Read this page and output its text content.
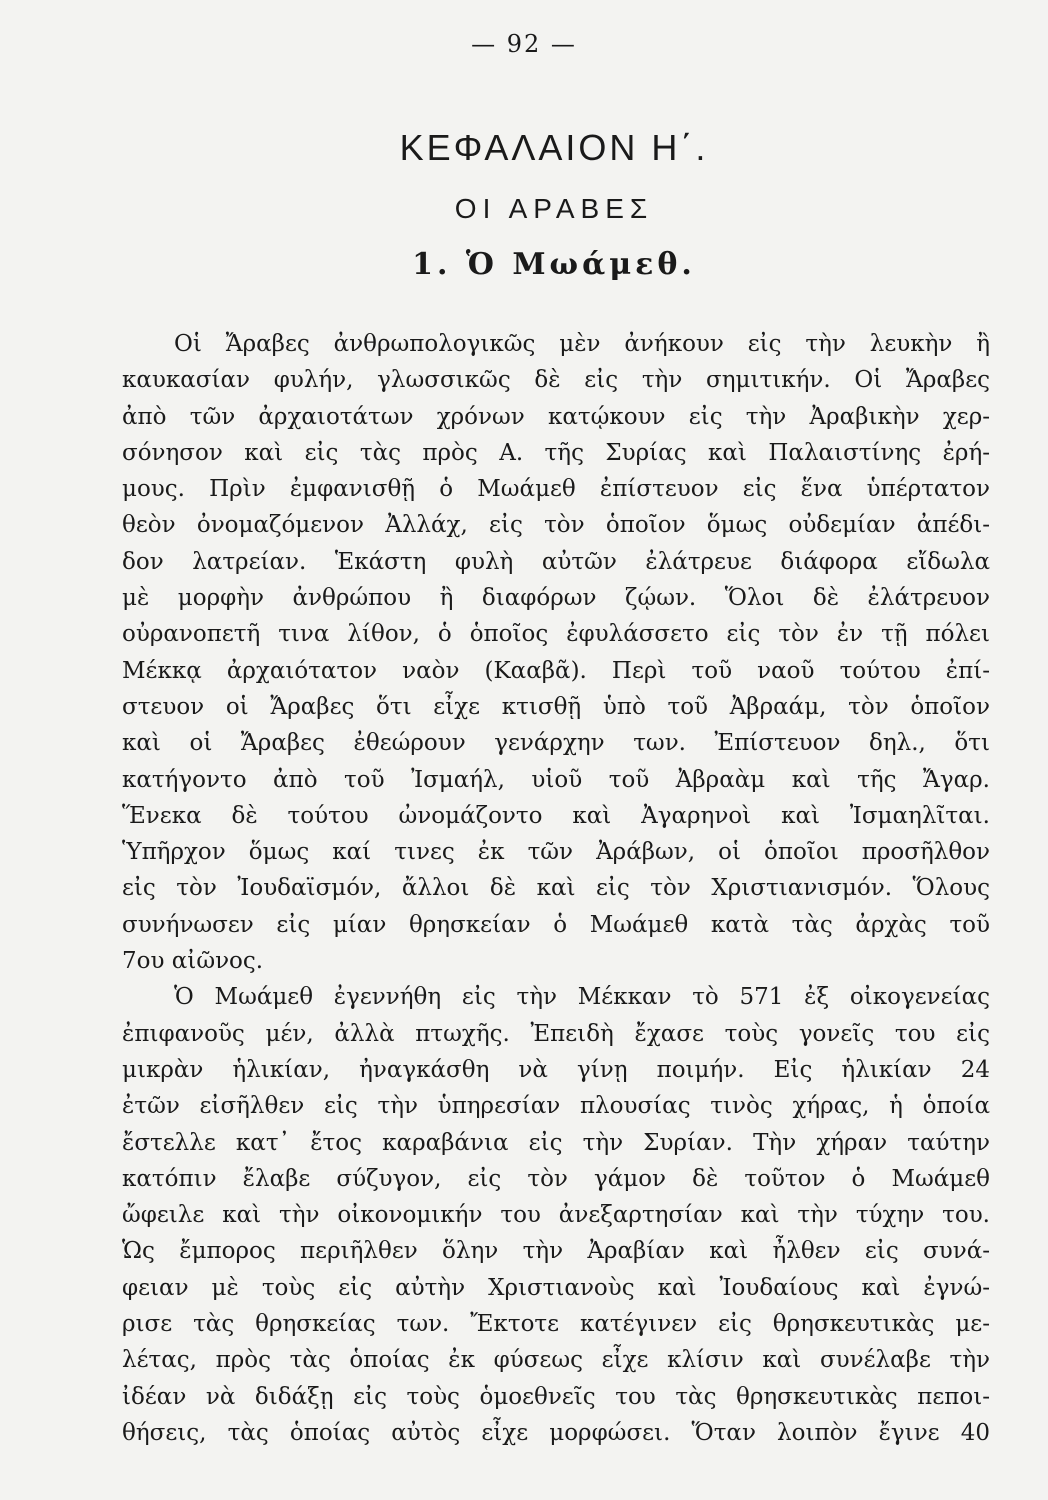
— 92 —
ΚΕΦΑΛΑΙΟΝ Η΄.
ΟΙ ΑΡΑΒΕΣ
1. Ὁ Μωάμεθ.
Οἱ Ἄραβες ἀνθρωπολογικῶς μὲν ἀνήκουν εἰς τὴν λευκὴν ἢ
καυκασίαν φυλήν, γλωσσικῶς δὲ εἰς τὴν σημιτικήν. Οἱ Ἄραβες
ἀπὸ τῶν ἀρχαιοτάτων χρόνων κατῴκουν εἰς τὴν Ἀραβικὴν χερ-
σόνησον καὶ εἰς τὰς πρὸς Α. τῆς Συρίας καὶ Παλαιστίνης ἐρή-
μους. Πρὶν ἐμφανισθῇ ὁ Μωάμεθ ἐπίστευον εἰς ἕνα ὑπέρτατον
θεὸν ὀνομαζόμενον Ἀλλάχ, εἰς τὸν ὁποῖον ὅμως οὐδεμίαν ἀπέδι-
δον λατρείαν. Ἑκάστη φυλὴ αὐτῶν ἐλάτρευε διάφορα εἴδωλα
μὲ μορφὴν ἀνθρώπου ἢ διαφόρων ζῴων. Ὅλοι δὲ ἐλάτρευον
οὐρανοπετῆ τινα λίθον, ὁ ὁποῖος ἐφυλάσσετο εἰς τὸν ἐν τῇ πόλει
Μέκκᾳ ἀρχαιότατον ναὸν (Κααβᾶ). Περὶ τοῦ ναοῦ τούτου ἐπί-
στευον οἱ Ἄραβες ὅτι εἶχε κτισθῇ ὑπὸ τοῦ Ἀβραάμ, τὸν ὁποῖον
καὶ οἱ Ἄραβες ἐθεώρουν γενάρχην των. Ἐπίστευον δηλ., ὅτι
κατήγοντο ἀπὸ τοῦ Ἰσμαήλ, υἱοῦ τοῦ Ἀβραὰμ καὶ τῆς Ἄγαρ.
Ἕνεκα δὲ τούτου ὠνομάζοντο καὶ Ἀγαρηνοὶ καὶ Ἰσμαηλῖται.
Ὑπῆρχον ὅμως καί τινες ἐκ τῶν Ἀράβων, οἱ ὁποῖοι προσῆλθον
εἰς τὸν Ἰουδαϊσμόν, ἄλλοι δὲ καὶ εἰς τὸν Χριστιανισμόν. Ὅλους
συνήνωσεν εἰς μίαν θρησκείαν ὁ Μωάμεθ κατὰ τὰς ἀρχὰς τοῦ
7ου αἰῶνος.
Ὁ Μωάμεθ ἐγεννήθη εἰς τὴν Μέκκαν τὸ 571 ἐξ οἰκογενείας
ἐπιφανοῦς μέν, ἀλλὰ πτωχῆς. Ἐπειδὴ ἔχασε τοὺς γονεῖς του εἰς
μικρὰν ἡλικίαν, ἠναγκάσθη νὰ γίνῃ ποιμήν. Εἰς ἡλικίαν 24
ἐτῶν εἰσῆλθεν εἰς τὴν ὑπηρεσίαν πλουσίας τινὸς χήρας, ἡ ὁποία
ἔστελλε κατ᾽ ἔτος καραβάνια εἰς τὴν Συρίαν. Τὴν χήραν ταύτην
κατόπιν ἔλαβε σύζυγον, εἰς τὸν γάμον δὲ τοῦτον ὁ Μωάμεθ
ὤφειλε καὶ τὴν οἰκονομικήν του ἀνεξαρτησίαν καὶ τὴν τύχην του.
Ὡς ἔμπορος περιῆλθεν ὅλην τὴν Ἀραβίαν καὶ ἦλθεν εἰς συνά-
φειαν μὲ τοὺς εἰς αὐτὴν Χριστιανοὺς καὶ Ἰουδαίους καὶ ἐγνώ-
ρισε τὰς θρησκείας των. Ἔκτοτε κατέγινεν εἰς θρησκευτικὰς με-
λέτας, πρὸς τὰς ὁποίας ἐκ φύσεως εἶχε κλίσιν καὶ συνέλαβε τὴν
ἰδέαν νὰ διδάξῃ εἰς τοὺς ὁμοεθνεῖς του τὰς θρησκευτικὰς πεποι-
θήσεις, τὰς ὁποίας αὐτὸς εἶχε μορφώσει. Ὅταν λοιπὸν ἔγινε 40
